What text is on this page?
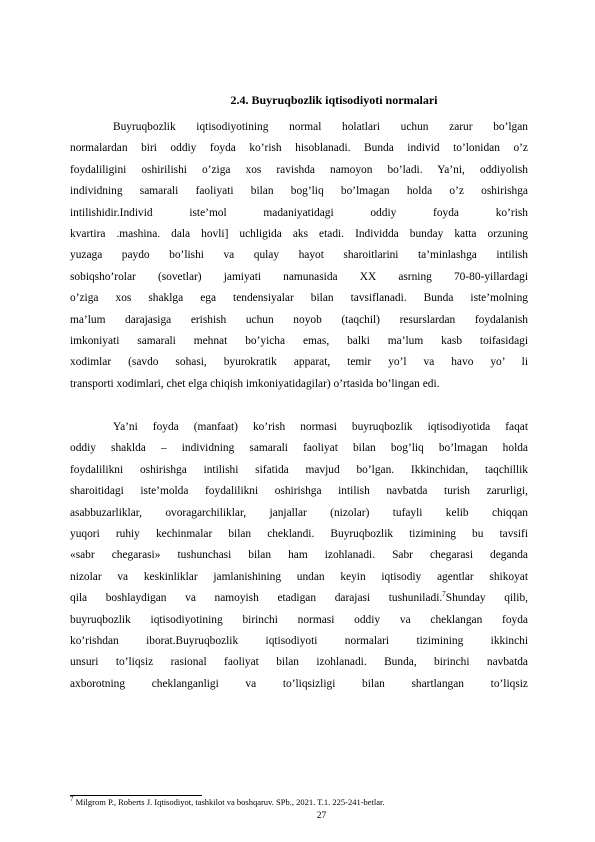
2.4. Buyruqbozlik iqtisodiyoti normalari

Buyruqbozlik iqtisodiyotining normal holatlari uchun zarur bo’lgan
normalardan biri oddiy foyda ko’rish hisoblanadi. Bunda individ to’lonidan o’z
foydaliligini oshirilishi o’ziga xos ravishda namoyon bo’ladi. Ya’ni, oddiyolish
individning samarali faoliyati bilan bog’liq bo’lmagan holda o’z oshirishga
intilishidir.Individ iste’mol madaniyatidagi oddiy foyda ko’rish
kvartira .mashina. dala hovli] uchligida aks etadi. Individda bunday katta orzuning
yuzaga paydo bo’lishi va qulay hayot sharoitlarini ta’minlashga intilish
sobiqsho’rolar (sovetlar) jamiyati namunasida XX asrning 70-80-yillardagi
o’ziga xos shaklga ega tendensiyalar bilan tavsiflanadi. Bunda iste’molning
ma’lum darajasiga erishish uchun noyob (taqchil) resurslardan foydalanish
imkoniyati samarali mehnat bo’yicha emas, balki ma’lum kasb toifasidagi
xodimlar (savdo sohasi, byurokratik apparat, temir yo’l va havo yo’ li
transporti xodimlari, chet elga chiqish imkoniyatidagilar) o’rtasida bo’lingan edi.

Ya’ni foyda (manfaat) ko’rish normasi buyruqbozlik iqtisodiyotida faqat
oddiy shaklda – individning samarali faoliyat bilan bog’liq bo’lmagan holda
foydalilikni oshirishga intilishi sifatida mavjud bo’lgan. Ikkinchidan, taqchillik
sharoitidagi iste’molda foydalilikni oshirishga intilish navbatda turish zarurligi,
asabbuzarliklar, ovoragarchiliklar, janjallar (nizolar) tufayli kelib chiqqan
yuqori ruhiy kechinmalar bilan cheklandi. Buyruqbozlik tizimining bu tavsifi
«sabr chegarasi» tushunchasi bilan ham izohlanadi. Sabr chegarasi deganda
nizolar va keskinliklar jamlanishining undan keyin iqtisodiy agentlar shikoyat
qila boshlaydigan va namoyish etadigan darajasi tushuniladi.$^7$Shunday qilib,
buyruqbozlik iqtisodiyotining birinchi normasi oddiy va cheklangan foyda
ko’rishdan iborat.Buyruqbozlik iqtisodiyoti normalari tizimining ikkinchi
unsuri to’liqsiz rasional faoliyat bilan izohlanadi. Bunda, birinchi navbatda
axborotning cheklanganligi va to’liqsizligi bilan shartlangan to’liqsiz

$^7$ Milgrom P., Roberts J. Iqtisodiyot, tashkilot va boshqaruv. SPb., 2021. T.1. 225-241-betlar.
27
